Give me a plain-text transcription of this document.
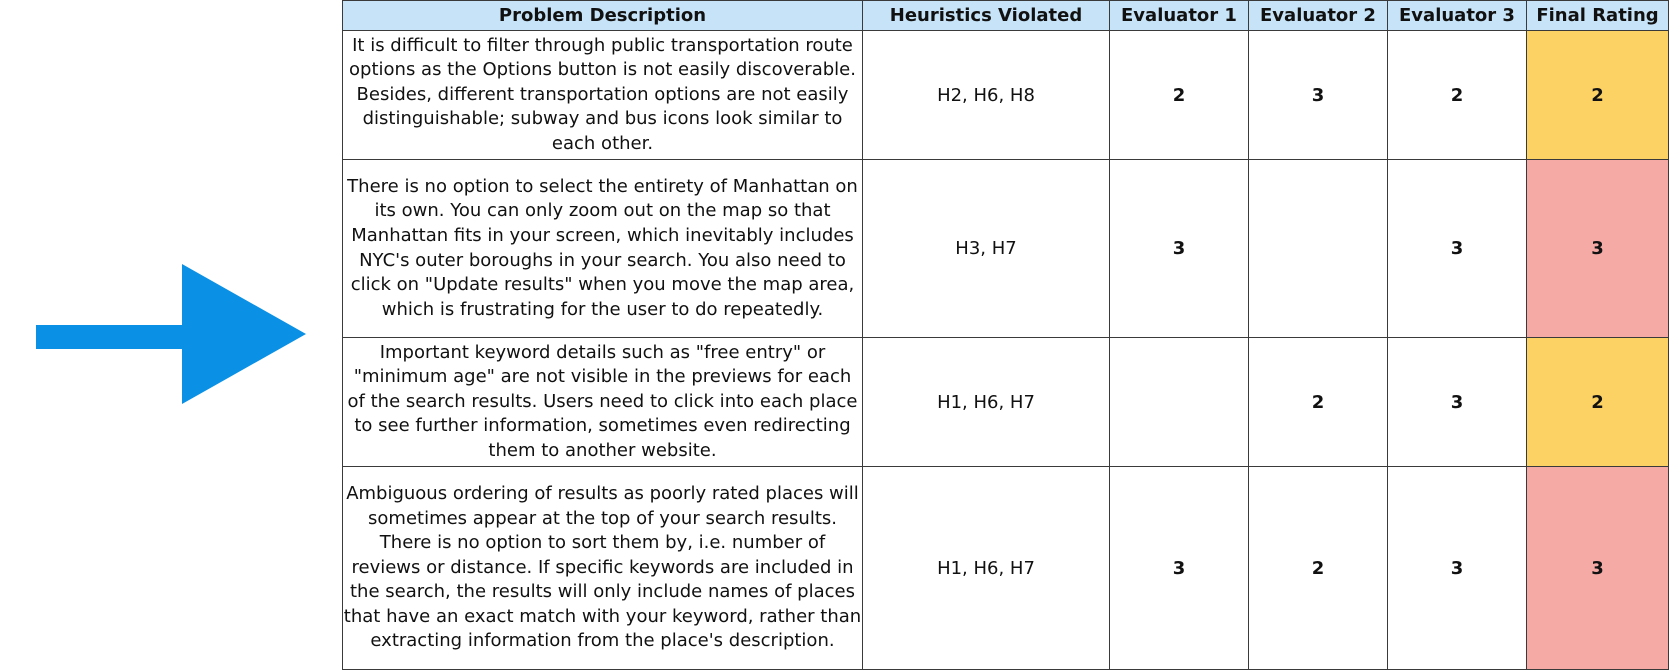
Problem Description	Heuristics Violated	Evaluator 1	Evaluator 2	Evaluator 3	Final Rating
It is difficult to filter through public transportation route options as the Options button is not easily discoverable. Besides, different transportation options are not easily distinguishable; subway and bus icons look similar to each other.	H2, H6, H8	2	3	2	2
There is no option to select the entirety of Manhattan on its own. You can only zoom out on the map so that Manhattan fits in your screen, which inevitably includes NYC's outer boroughs in your search. You also need to click on "Update results" when you move the map area, which is frustrating for the user to do repeatedly.	H3, H7	3		3	3
Important keyword details such as "free entry" or "minimum age" are not visible in the previews for each of the search results. Users need to click into each place to see further information, sometimes even redirecting them to another website.	H1, H6, H7		2	3	2
Ambiguous ordering of results as poorly rated places will sometimes appear at the top of your search results. There is no option to sort them by, i.e. number of reviews or distance. If specific keywords are included in the search, the results will only include names of places that have an exact match with your keyword, rather than extracting information from the place's description.	H1, H6, H7	3	2	3	3
